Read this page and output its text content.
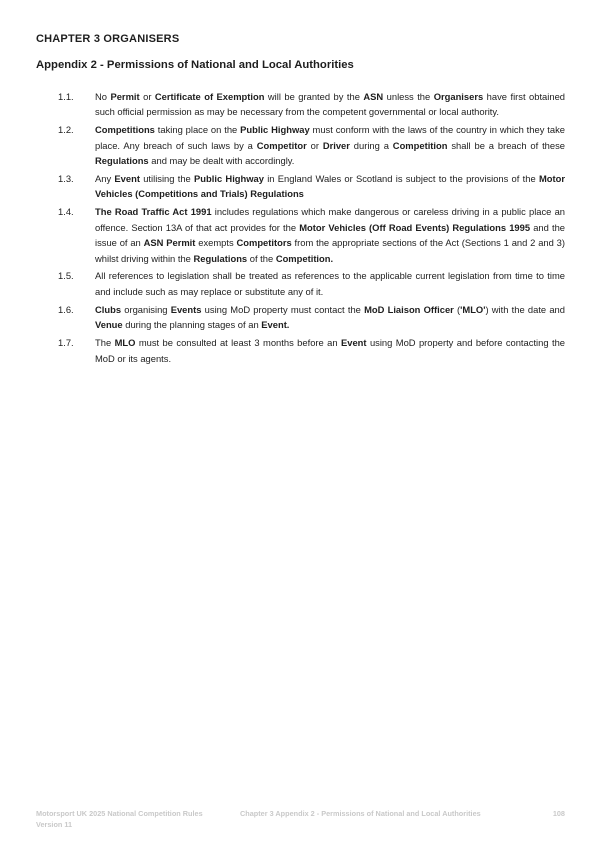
CHAPTER 3 ORGANISERS
Appendix 2 - Permissions of National and Local Authorities
1.1.	No Permit or Certificate of Exemption will be granted by the ASN unless the Organisers have first obtained such official permission as may be necessary from the competent governmental or local authority.
1.2.	Competitions taking place on the Public Highway must conform with the laws of the country in which they take place. Any breach of such laws by a Competitor or Driver during a Competition shall be a breach of these Regulations and may be dealt with accordingly.
1.3.	Any Event utilising the Public Highway in England Wales or Scotland is subject to the provisions of the Motor Vehicles (Competitions and Trials) Regulations
1.4.	The Road Traffic Act 1991 includes regulations which make dangerous or careless driving in a public place an offence. Section 13A of that act provides for the Motor Vehicles (Off Road Events) Regulations 1995 and the issue of an ASN Permit exempts Competitors from the appropriate sections of the Act (Sections 1 and 2 and 3) whilst driving within the Regulations of the Competition.
1.5.	All references to legislation shall be treated as references to the applicable current legislation from time to time and include such as may replace or substitute any of it.
1.6.	Clubs organising Events using MoD property must contact the MoD Liaison Officer ('MLO') with the date and Venue during the planning stages of an Event.
1.7.	The MLO must be consulted at least 3 months before an Event using MoD property and before contacting the MoD or its agents.
Motorsport UK 2025 National Competition Rules
Version 11
Chapter 3 Appendix 2 - Permissions of National and Local Authorities	108
